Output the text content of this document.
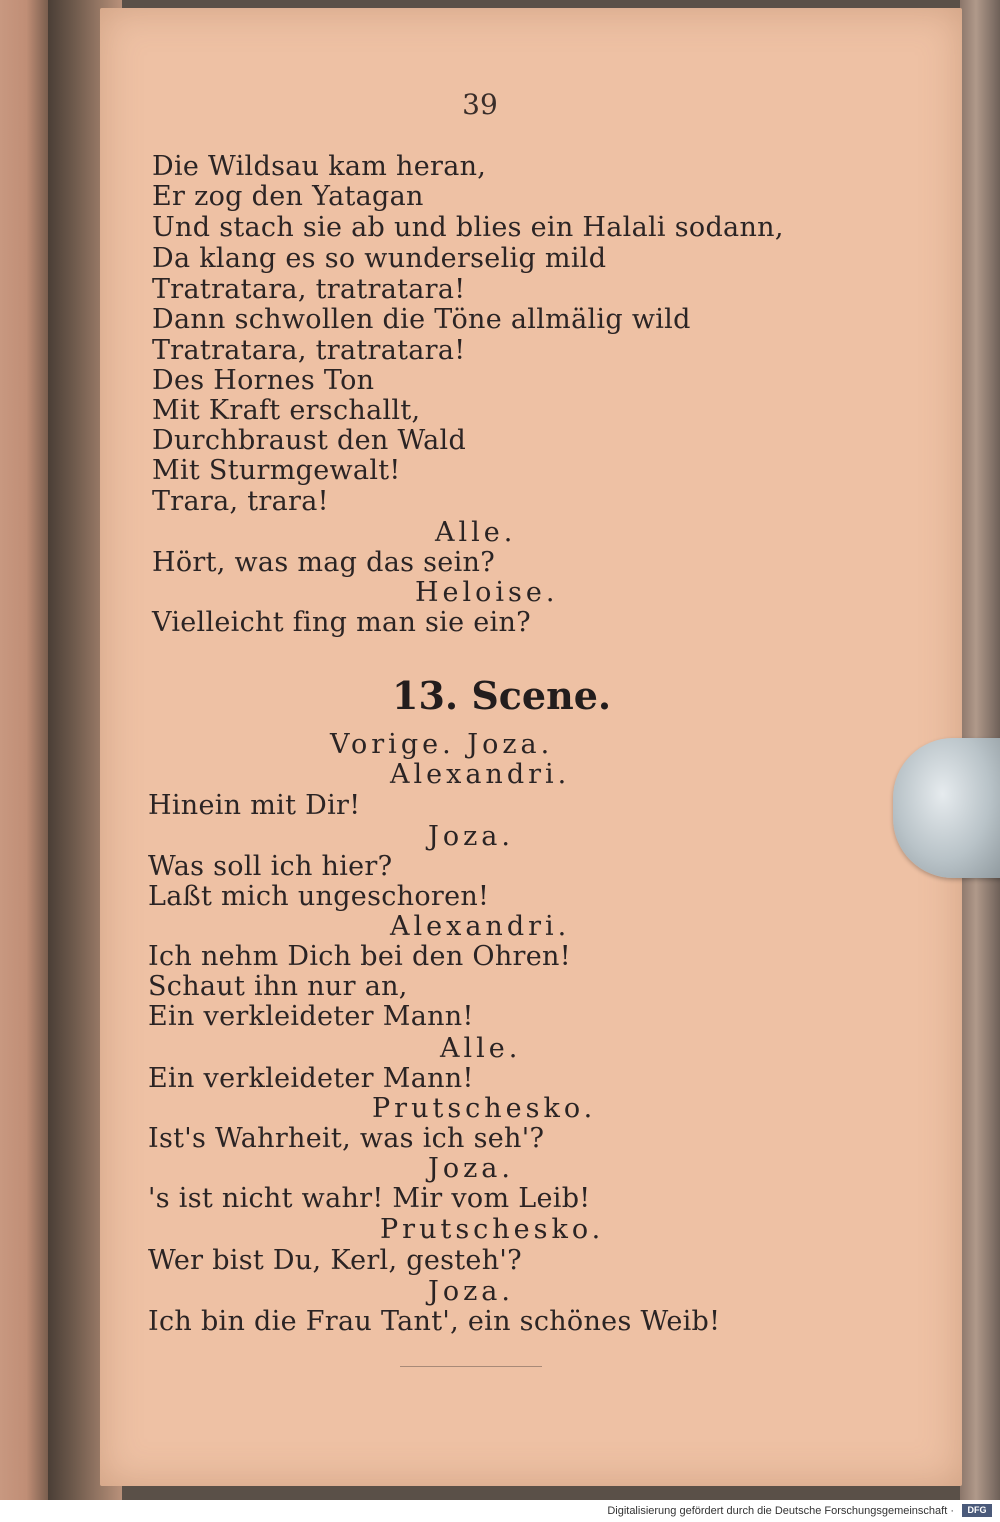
39
Die Wildsau kam heran,
Er zog den Yatagan
Und stach sie ab und blies ein Halali sodann,
Da klang es so wunderselig mild
Tratratara, tratratara!
Dann schwollen die Töne allmälig wild
Tratratara, tratratara!
Des Hornes Ton
Mit Kraft erschallt,
Durchbraust den Wald
Mit Sturmgewalt!
Trara, trara!
Alle.
Hört, was mag das sein?
Heloise.
Vielleicht fing man sie ein?
13. Scene.
Vorige. Joza.
Alexandri.
Hinein mit Dir!
Joza.
Was soll ich hier?
Laßt mich ungeschoren!
Alexandri.
Ich nehm Dich bei den Ohren!
Schaut ihn nur an,
Ein verkleideter Mann!
Alle.
Ein verkleideter Mann!
Prutschesko.
Ist's Wahrheit, was ich seh'?
Joza.
's ist nicht wahr! Mir vom Leib!
Prutschesko.
Wer bist Du, Kerl, gesteh'?
Joza.
Ich bin die Frau Tant', ein schönes Weib!
Digitalisierung gefördert durch die Deutsche Forschungsgemeinschaft ·	DFG
